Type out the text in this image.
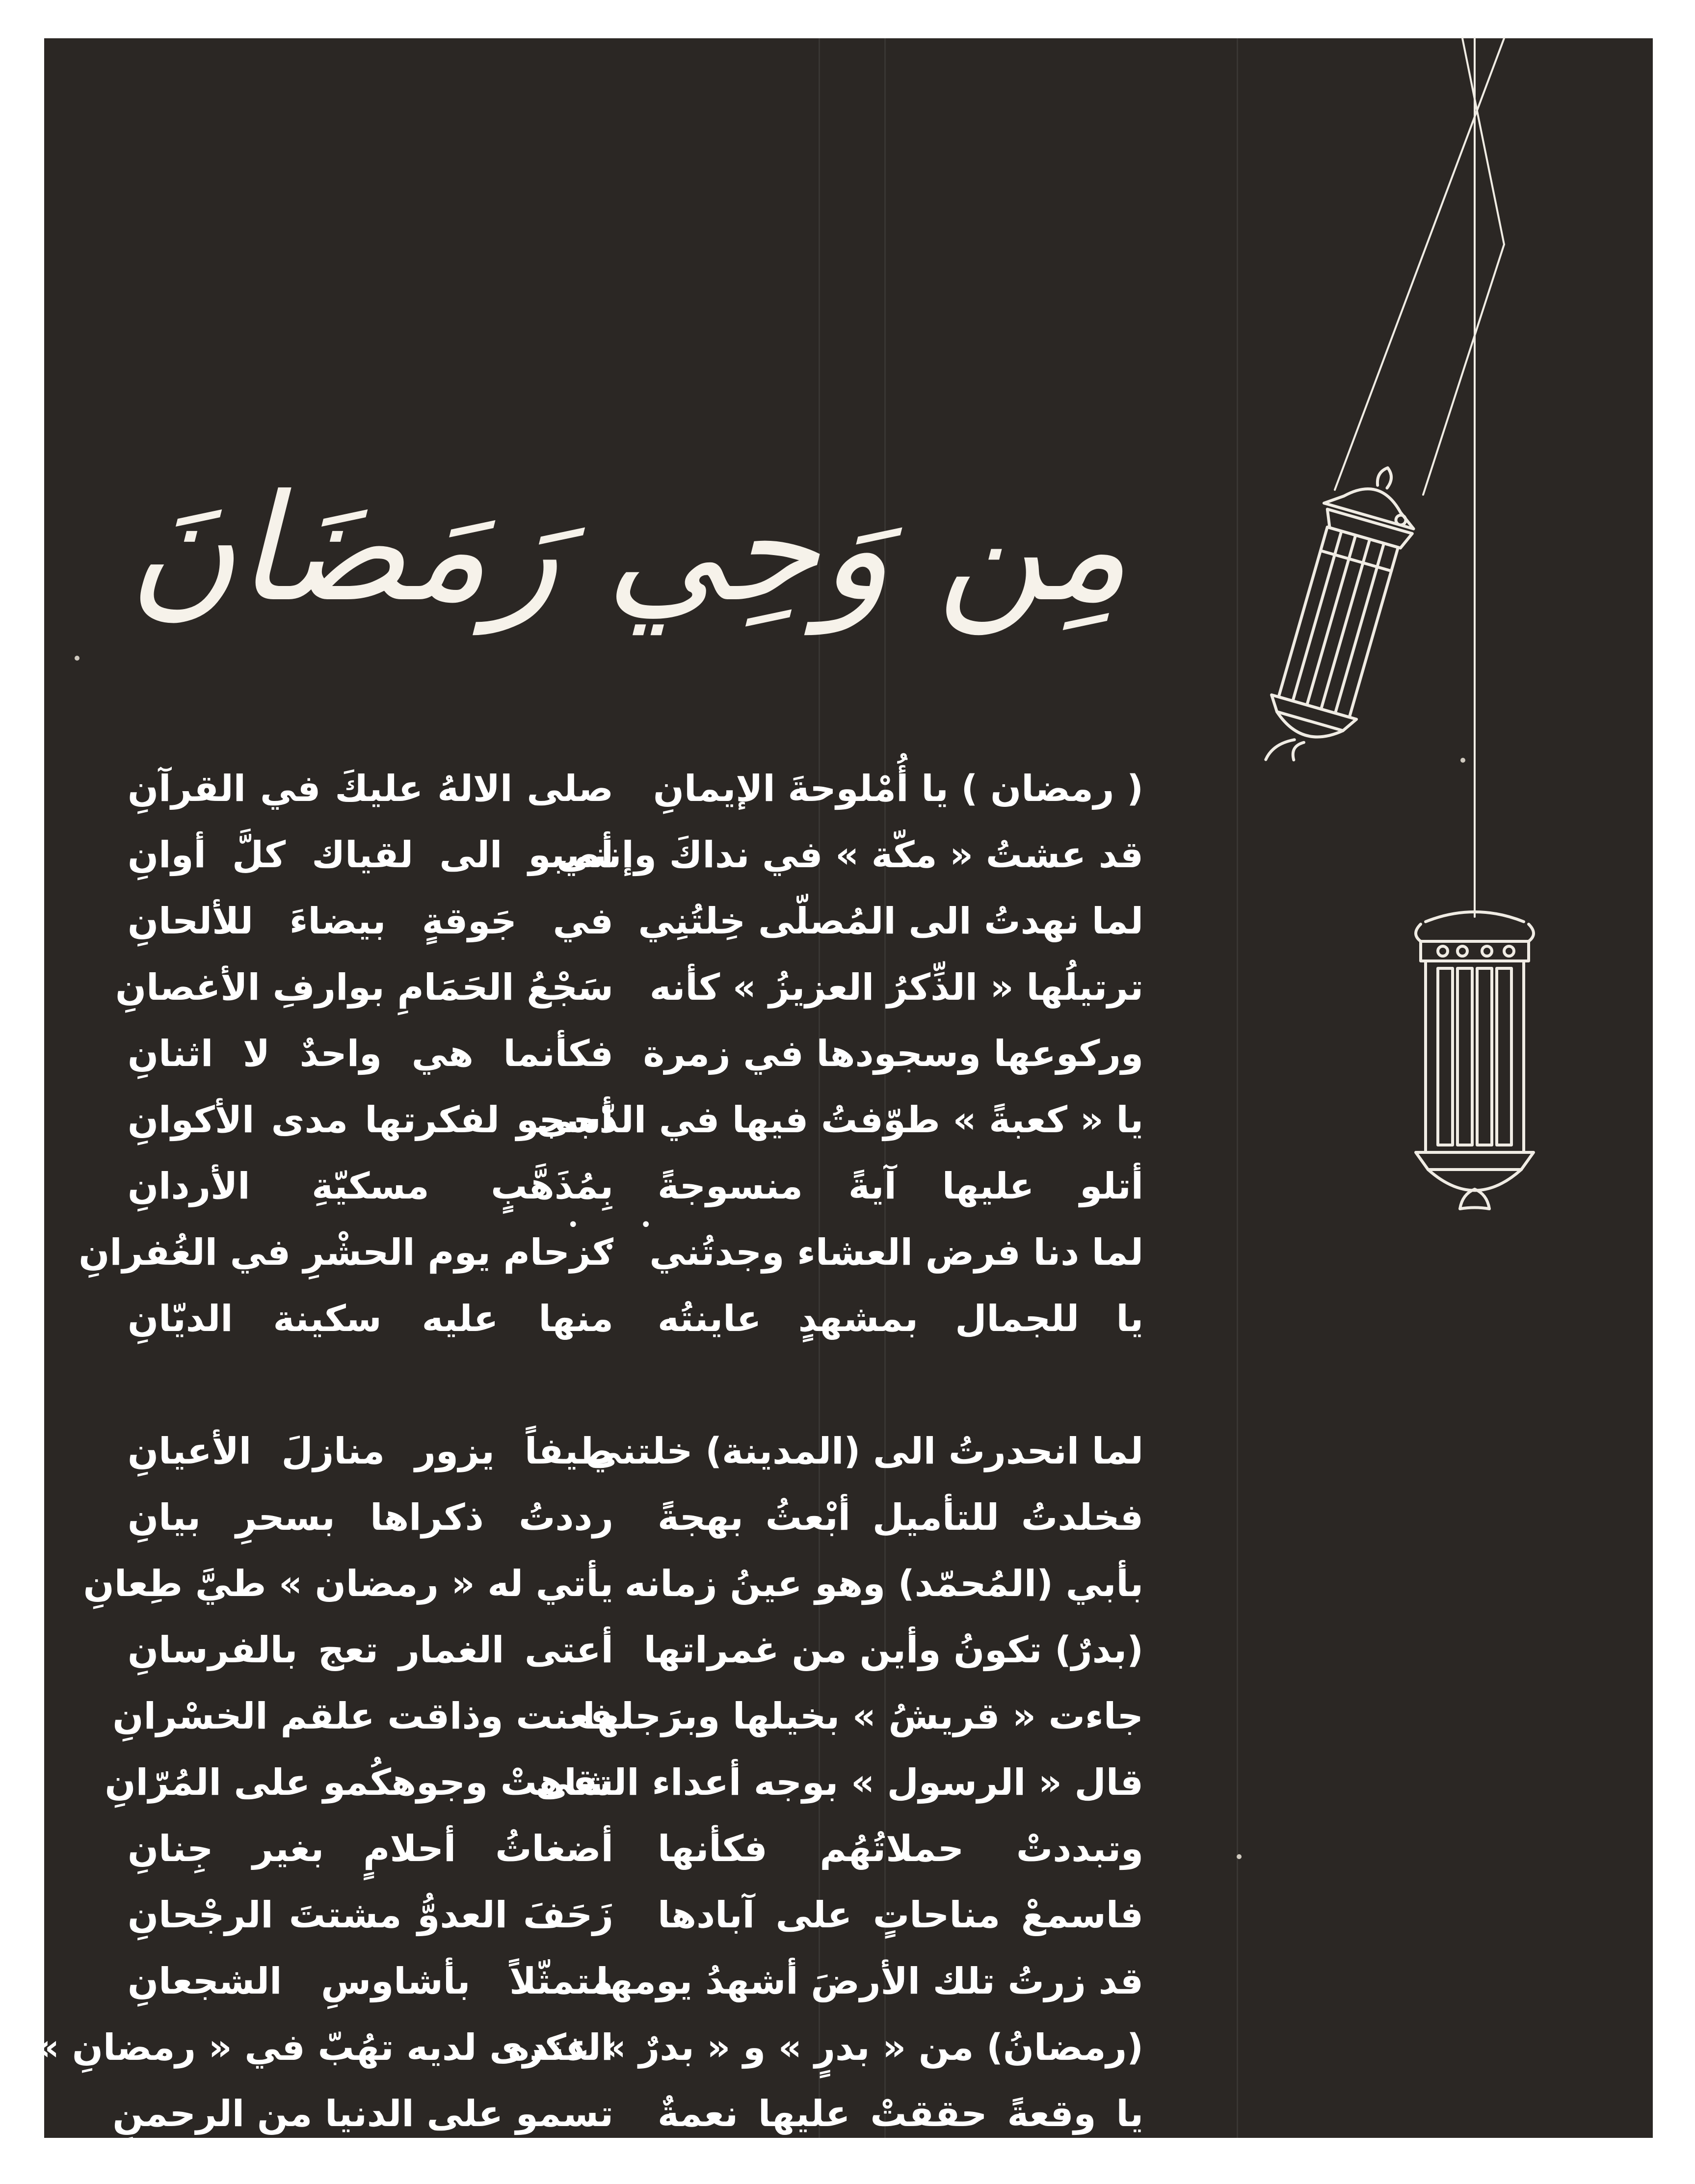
مِن وَحِي رَمَضَانَ
( رمضان ) يا أُمْلوحةَ الإيمانِ
قد عشتُ « مكّة » في نداكَ وإنني
لما نهدتُ الى المُصلّى خِلتُنِي
ترتيلُها « الذِّكرُ العزيزُ » كأنه
وركوعها وسجودها في زمرة
يا « كعبةً » طوّفتُ فيها في الدّجى
أتلو عليها آيةً منسوجةً
لما دنا فرض العشاء وجدتُني
يا للجمال بمشهدٍ عاينتُه
لما انحدرتُ الى (المدينة) خلتني
فخلدتُ للتأميل أبْعثُ بهجةً
بأبي (المُحمّد) وهو عينُ زمانه
(بدرٌ) تكونُ وأين من غمراتها
جاءت « قريشُ » بخيلها وبرَجلها
قال « الرسول » بوجه أعداء التقى
وتبددتْ حملاتُهُم فكأنها
فاسمعْ مناحاتٍ على آبادها
قد زرتُ تلك الأرضَ أشهدُ يومها
(رمضانُ) من « بدرٍ » و « بدرٌ » عنده
يا وقعةً حققتْ عليها نعمةٌ
صلى الالهُ عليكَ في القرآنِ
أصبو الى لقياك كلَّ أوانِ
في جَوقةٍ بيضاءَ للألحانِ
سَجْعُ الحَمَامِ بوارفِ الأغصانِ
فكأنما هي واحدٌ لا اثنانِ
أسجو لفكرتها مدى الأكوانِ
بِمُذَهَّبٍ مسكيّةِ الأردانِ
كزحام يوم الحشْرِ في الغُفرانِ
منها عليه سكينة الديّانِ
طيفاً يزور منازلَ الأعيانِ
رددتُ ذكراها بسحرِ بيانِ
يأتي له « رمضان » طيَّ طِعانِ
أعتى الغمار تعج بالفرسانِ
فعنت وذاقت علقم الخسْرانِ
شاهتْ وجوهكُمو على المُرّانِ
أضغاثُ أحلامٍ بغير جِنانِ
زَحَفَ العدوُّ مشتتَ الرجْحانِ
متمثّلاً بأشاوسِ الشجعانِ
الذكرى لديه تهُبّ في « رمضانِ »
تسمو على الدنيا من الرحمنِ
• • •
